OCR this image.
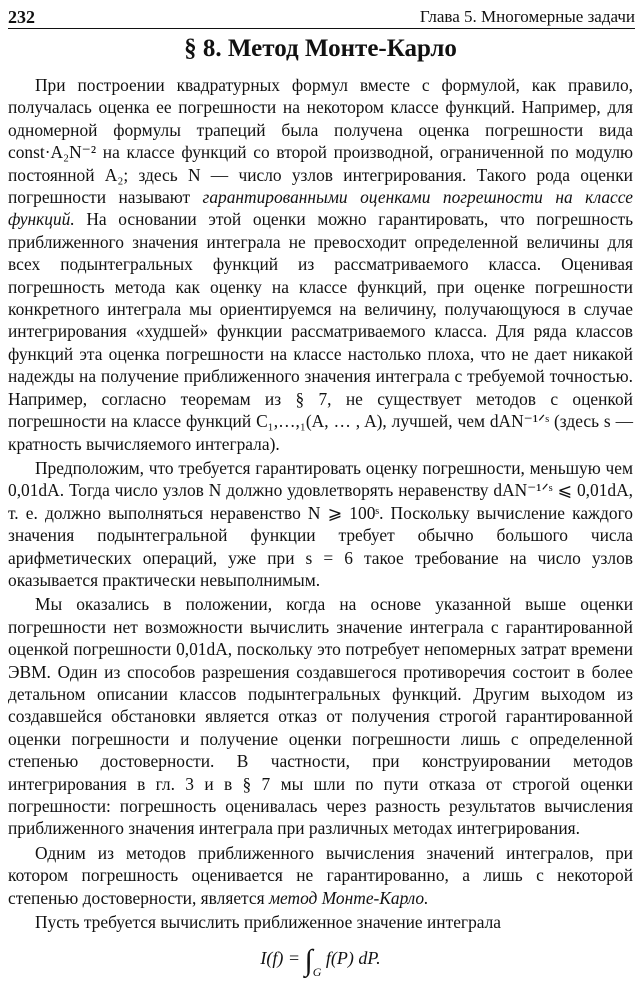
232	Глава 5. Многомерные задачи
§ 8. Метод Монте-Карло

При построении квадратурных формул вместе с формулой, как правило, получалась оценка ее погрешности на некотором классе функций. Например, для одномерной формулы трапеций была получена оценка погрешности вида const·A₂N⁻² на классе функций со второй производной, ограниченной по модулю постоянной A₂; здесь N — число узлов интегрирования. Такого рода оценки погрешности называют гарантированными оценками погрешности на классе функций. На основании этой оценки можно гарантировать, что погрешность приближенного значения интеграла не превосходит определенной величины для всех подынтегральных функций из рассматриваемого класса. Оценивая погрешность метода как оценку на классе функций, при оценке погрешности конкретного интеграла мы ориентируемся на величину, получающуюся в случае интегрирования «худшей» функции рассматриваемого класса. Для ряда классов функций эта оценка погрешности на классе настолько плоха, что не дает никакой надежды на получение приближенного значения интеграла с требуемой точностью. Например, согласно теоремам из § 7, не существует методов с оценкой погрешности на классе функций C₁,…,₁(A, … , A), лучшей, чем dAN⁻¹ᐟˢ (здесь s — кратность вычисляемого интеграла).

Предположим, что требуется гарантировать оценку погрешности, меньшую чем 0,01dA. Тогда число узлов N должно удовлетворять неравенству dAN⁻¹ᐟˢ ⩽ 0,01dA, т. е. должно выполняться неравенство N ⩾ 100ˢ. Поскольку вычисление каждого значения подынтегральной функции требует обычно большого числа арифметических операций, уже при s = 6 такое требование на число узлов оказывается практически невыполнимым.

Мы оказались в положении, когда на основе указанной выше оценки погрешности нет возможности вычислить значение интеграла с гарантированной оценкой погрешности 0,01dA, поскольку это потребует непомерных затрат времени ЭВМ. Один из способов разрешения создавшегося противоречия состоит в более детальном описании классов подынтегральных функций. Другим выходом из создавшейся обстановки является отказ от получения строгой гарантированной оценки погрешности и получение оценки погрешности лишь с определенной степенью достоверности. В частности, при конструировании методов интегрирования в гл. 3 и в § 7 мы шли по пути отказа от строгой оценки погрешности: погрешность оценивалась через разность результатов вычисления приближенного значения интеграла при различных методах интегрирования.

Одним из методов приближенного вычисления значений интегралов, при котором погрешность оценивается не гарантированно, а лишь с некоторой степенью достоверности, является метод Монте-Карло.

Пусть требуется вычислить приближенное значение интеграла

$I(f) = \int_G$ f(P) dP.
